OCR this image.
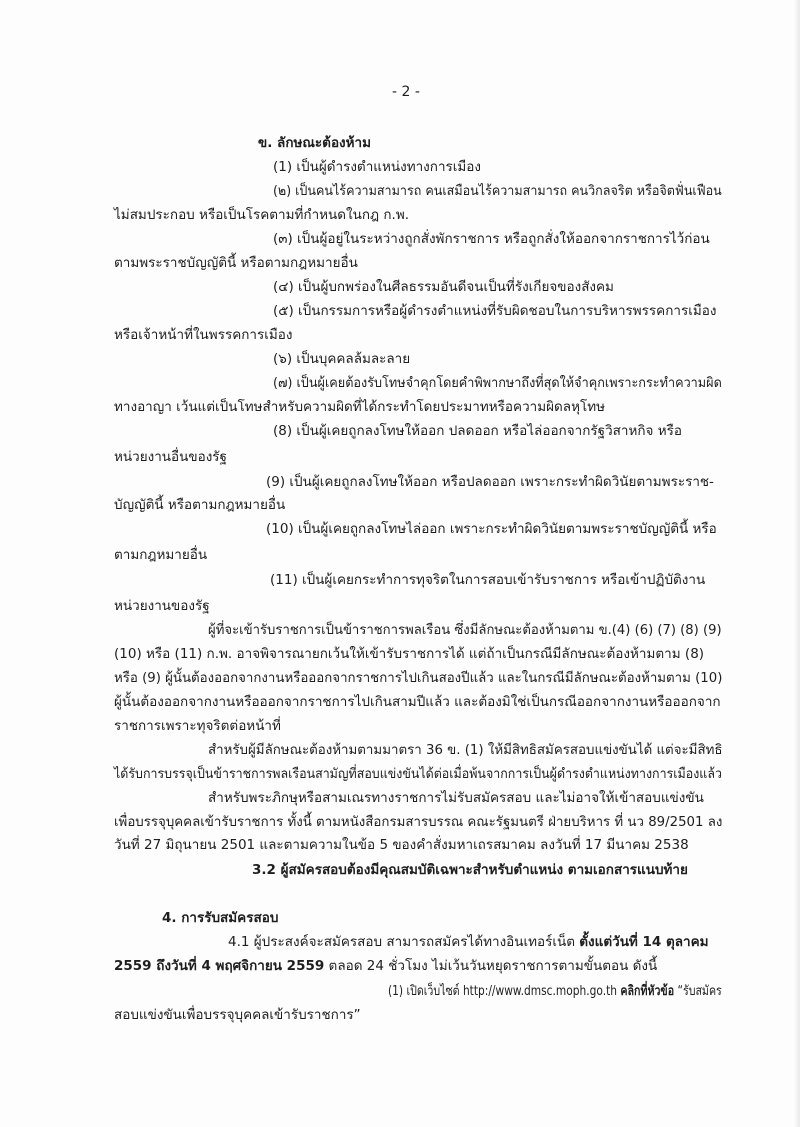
- 2 -
ข. ลักษณะต้องห้าม
(1) เป็นผู้ดำรงตำแหน่งทางการเมือง
(๒) เป็นคนไร้ความสามารถ คนเสมือนไร้ความสามารถ คนวิกลจริต หรือจิตฟั่นเฟือน
ไม่สมประกอบ หรือเป็นโรคตามที่กำหนดในกฎ ก.พ.
(๓) เป็นผู้อยู่ในระหว่างถูกสั่งพักราชการ หรือถูกสั่งให้ออกจากราชการไว้ก่อน
ตามพระราชบัญญัตินี้ หรือตามกฎหมายอื่น
(๔) เป็นผู้บกพร่องในศีลธรรมอันดีจนเป็นที่รังเกียจของสังคม
(๕) เป็นกรรมการหรือผู้ดำรงตำแหน่งที่รับผิดชอบในการบริหารพรรคการเมือง
หรือเจ้าหน้าที่ในพรรคการเมือง
(๖) เป็นบุคคลล้มละลาย
(๗) เป็นผู้เคยต้องรับโทษจำคุกโดยคำพิพากษาถึงที่สุดให้จำคุกเพราะกระทำความผิด
ทางอาญา เว้นแต่เป็นโทษสำหรับความผิดที่ได้กระทำโดยประมาทหรือความผิดลหุโทษ
(8) เป็นผู้เคยถูกลงโทษให้ออก ปลดออก หรือไล่ออกจากรัฐวิสาหกิจ หรือ
หน่วยงานอื่นของรัฐ
(9) เป็นผู้เคยถูกลงโทษให้ออก หรือปลดออก เพราะกระทำผิดวินัยตามพระราช-
บัญญัตินี้ หรือตามกฎหมายอื่น
(10) เป็นผู้เคยถูกลงโทษไล่ออก เพราะกระทำผิดวินัยตามพระราชบัญญัตินี้ หรือ
ตามกฎหมายอื่น
(11) เป็นผู้เคยกระทำการทุจริตในการสอบเข้ารับราชการ หรือเข้าปฏิบัติงาน
หน่วยงานของรัฐ
ผู้ที่จะเข้ารับราชการเป็นข้าราชการพลเรือน ซึ่งมีลักษณะต้องห้ามตาม ข.(4) (6) (7) (8) (9)
(10) หรือ (11) ก.พ. อาจพิจารณายกเว้นให้เข้ารับราชการได้ แต่ถ้าเป็นกรณีมีลักษณะต้องห้ามตาม (8)
หรือ (9) ผู้นั้นต้องออกจากงานหรือออกจากราชการไปเกินสองปีแล้ว และในกรณีมีลักษณะต้องห้ามตาม (10)
ผู้นั้นต้องออกจากงานหรือออกจากราชการไปเกินสามปีแล้ว และต้องมิใช่เป็นกรณีออกจากงานหรือออกจาก
ราชการเพราะทุจริตต่อหน้าที่
สำหรับผู้มีลักษณะต้องห้ามตามมาตรา 36 ข. (1) ให้มีสิทธิสมัครสอบแข่งขันได้ แต่จะมีสิทธิ
ได้รับการบรรจุเป็นข้าราชการพลเรือนสามัญที่สอบแข่งขันได้ต่อเมื่อพ้นจากการเป็นผู้ดำรงตำแหน่งทางการเมืองแล้ว
สำหรับพระภิกษุหรือสามเณรทางราชการไม่รับสมัครสอบ และไม่อาจให้เข้าสอบแข่งขัน
เพื่อบรรจุบุคคลเข้ารับราชการ ทั้งนี้ ตามหนังสือกรมสารบรรณ คณะรัฐมนตรี ฝ่ายบริหาร ที่ นว 89/2501 ลง
วันที่ 27 มิถุนายน 2501 และตามความในข้อ 5 ของคำสั่งมหาเถรสมาคม ลงวันที่ 17 มีนาคม 2538
3.2 ผู้สมัครสอบต้องมีคุณสมบัติเฉพาะสำหรับตำแหน่ง ตามเอกสารแนบท้าย
4. การรับสมัครสอบ
4.1 ผู้ประสงค์จะสมัครสอบ สามารถสมัครได้ทางอินเทอร์เน็ต ตั้งแต่วันที่ 14 ตุลาคม
2559 ถึงวันที่ 4 พฤศจิกายน 2559 ตลอด 24 ชั่วโมง ไม่เว้นวันหยุดราชการตามขั้นตอน ดังนี้
(1) เปิดเว็บไซต์ http://www.dmsc.moph.go.th คลิกที่หัวข้อ “รับสมัคร
สอบแข่งขันเพื่อบรรจุบุคคลเข้ารับราชการ”
